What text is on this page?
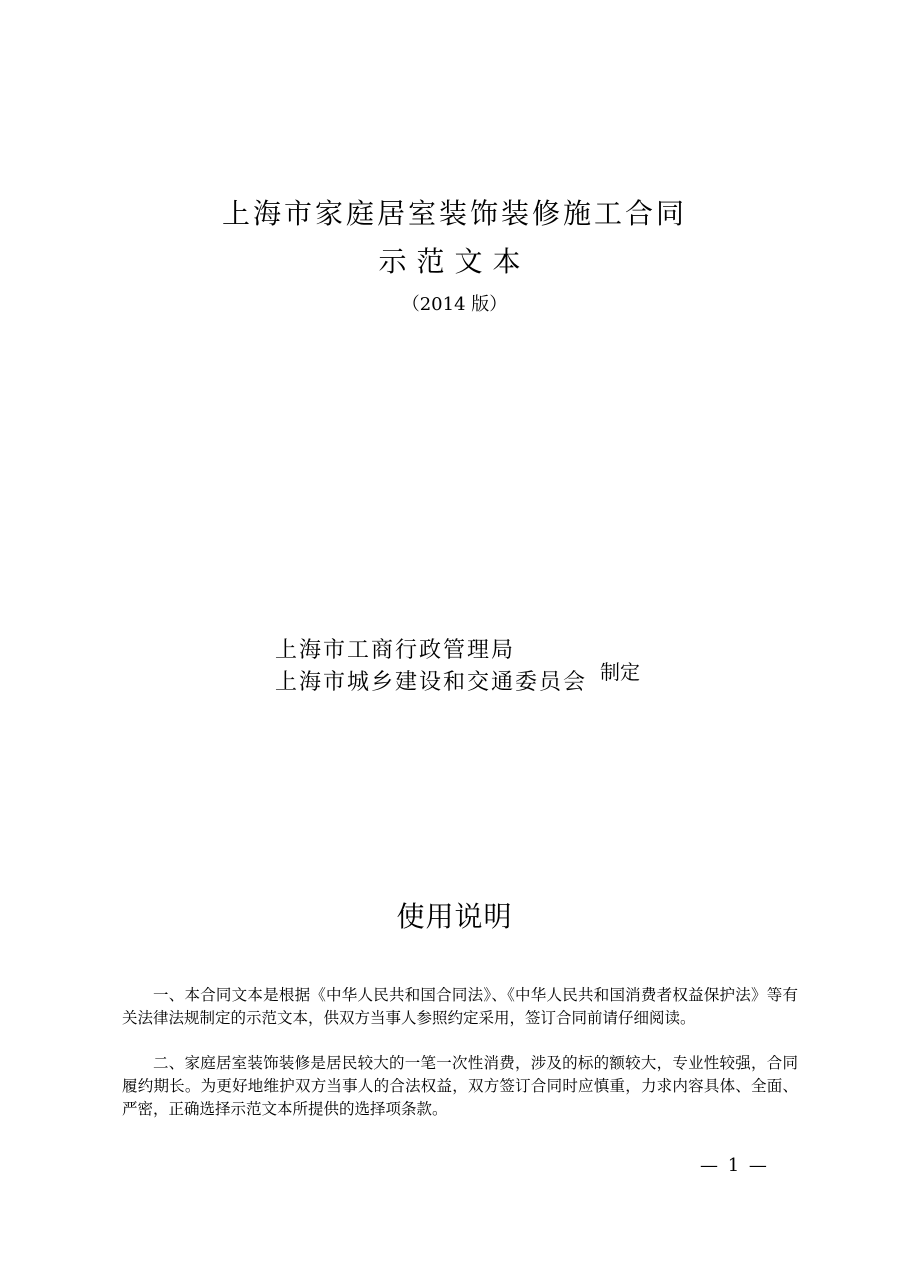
上海市家庭居室装饰装修施工合同
示范文本
（2014 版）
上海市工商行政管理局
上海市城乡建设和交通委员会 制定
使用说明

一、本合同文本是根据《中华人民共和国合同法》、《中华人民共和国消费者权益保护法》等有关法律法规制定的示范文本，供双方当事人参照约定采用，签订合同前请仔细阅读。

二、家庭居室装饰装修是居民较大的一笔一次性消费，涉及的标的额较大，专业性较强，合同履约期长。为更好地维护双方当事人的合法权益，双方签订合同时应慎重，力求内容具体、全面、严密，正确选择示范文本所提供的选择项条款。

— 1 —
